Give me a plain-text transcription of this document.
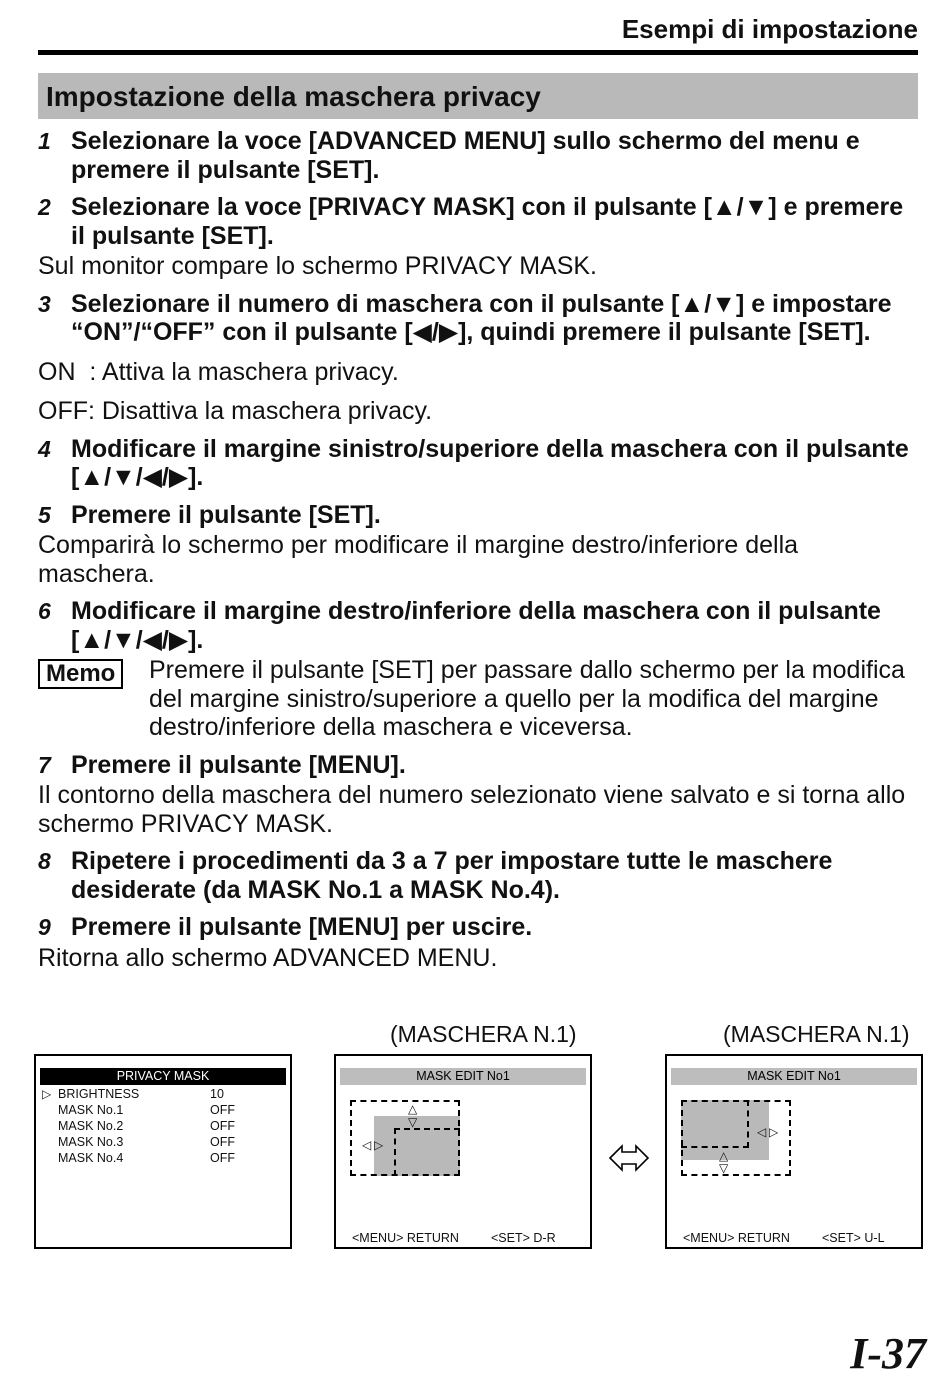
Esempi di impostazione
Impostazione della maschera privacy
1 Selezionare la voce [ADVANCED MENU] sullo schermo del menu e premere il pulsante [SET].
2 Selezionare la voce [PRIVACY MASK] con il pulsante [▲/▼] e premere il pulsante [SET].
Sul monitor compare lo schermo PRIVACY MASK.
3 Selezionare il numero di maschera con il pulsante [▲/▼] e impostare “ON”/“OFF” con il pulsante [◀/▶], quindi premere il pulsante [SET].
ON  : Attiva la maschera privacy.
OFF: Disattiva la maschera privacy.
4 Modificare il margine sinistro/superiore della maschera con il pulsante [▲/▼/◀/▶].
5 Premere il pulsante [SET].
Comparirà lo schermo per modificare il margine destro/inferiore della maschera.
6 Modificare il margine destro/inferiore della maschera con il pulsante [▲/▼/◀/▶].
Memo	Premere il pulsante [SET] per passare dallo schermo per la modifica del margine sinistro/superiore a quello per la modifica del margine destro/inferiore della maschera e viceversa.
7 Premere il pulsante [MENU].
Il contorno della maschera del numero selezionato viene salvato e si torna allo schermo PRIVACY MASK.
8 Ripetere i procedimenti da 3 a 7 per impostare tutte le maschere desiderate (da MASK No.1 a MASK No.4).
9 Premere il pulsante [MENU] per uscire.
Ritorna allo schermo ADVANCED MENU.
(MASCHERA N.1)	(MASCHERA N.1)
PRIVACY MASK
▷ BRIGHTNESS	10
MASK No.1	OFF
MASK No.2	OFF
MASK No.3	OFF
MASK No.4	OFF
MASK EDIT No1
△
▽
◁ ▷
<MENU> RETURN	<SET> D-R
MASK EDIT No1
◁ ▷
△
▽
<MENU> RETURN	<SET> U-L
I-37
